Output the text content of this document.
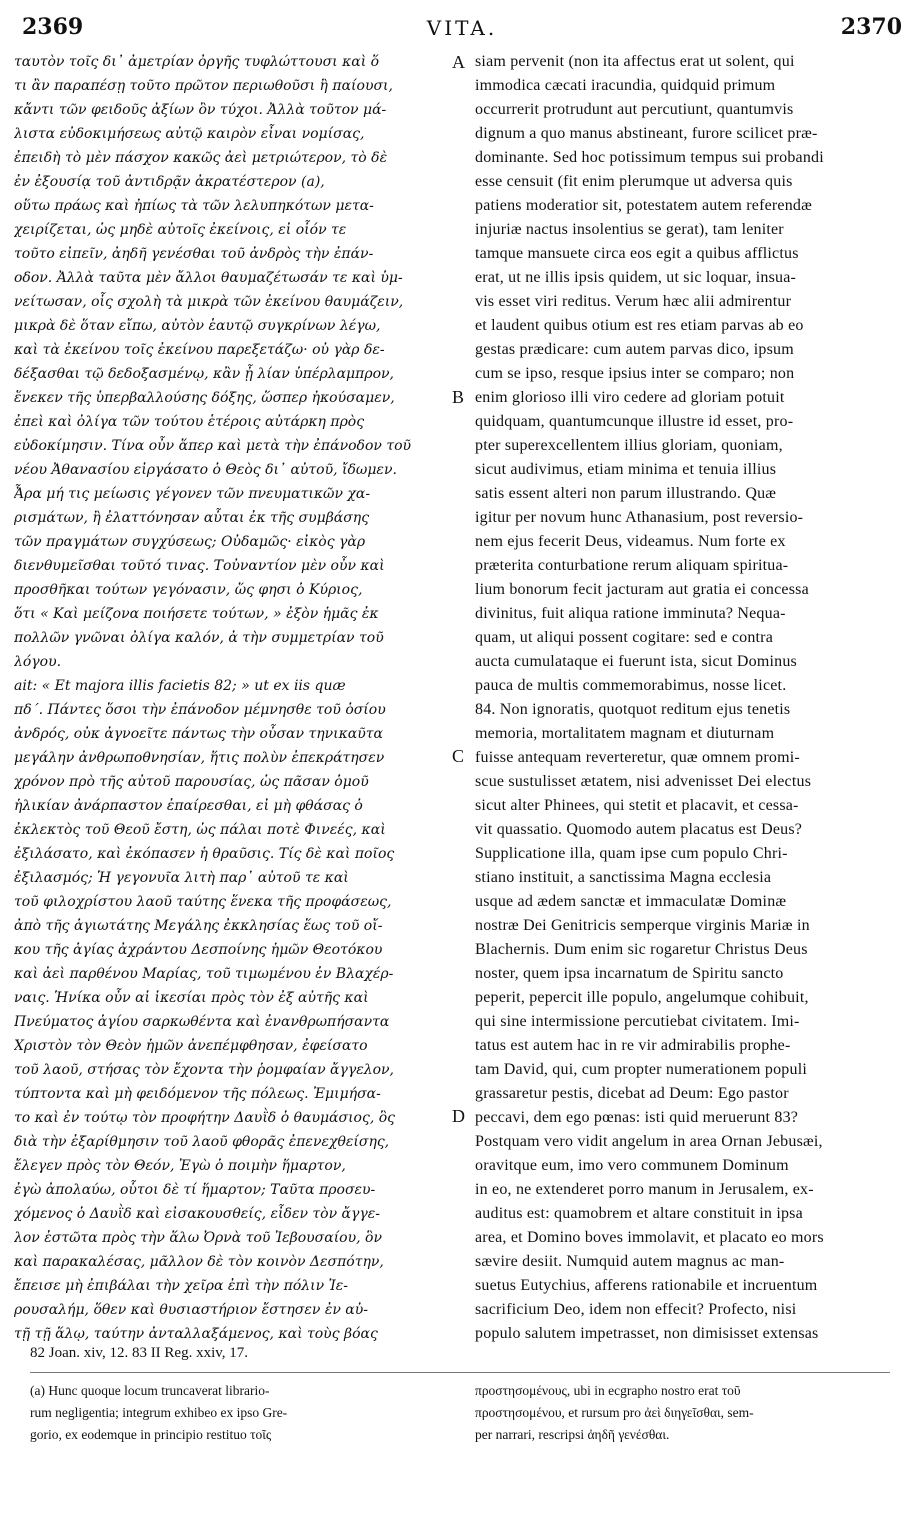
2369	VITA.	2370
ταυτὸν τοῖς δι᾽ ἀμετρίαν ὀργῆς τυφλώττουσι καὶ ὅ
τι ἂν παραπέσῃ τοῦτο πρῶτον περιωθοῦσι ἢ παίουσι,
κἄντι τῶν φειδοῦς ἀξίων ὂν τύχοι. Ἀλλὰ τοῦτον μά-
λιστα εὐδοκιμήσεως αὐτῷ καιρὸν εἶναι νομίσας,
ἐπειδὴ τὸ μὲν πάσχον κακῶς ἀεὶ μετριώτερον, τὸ δὲ
ἐν ἐξουσίᾳ τοῦ ἀντιδρᾷν ἀκρατέστερον (a),
οὕτω πράως καὶ ἠπίως τὰ τῶν λελυπηκότων μετα-
χειρίζεται, ὡς μηδὲ αὐτοῖς ἐκείνοις, εἰ οἷόν τε
τοῦτο εἰπεῖν, ἀηδῆ γενέσθαι τοῦ ἀνδρὸς τὴν ἐπάν-
οδον. Ἀλλὰ ταῦτα μὲν ἄλλοι θαυμαζέτωσάν τε καὶ ὑμ-
νείτωσαν, οἷς σχολὴ τὰ μικρὰ τῶν ἐκείνου θαυμάζειν,
μικρὰ δὲ ὅταν εἴπω, αὐτὸν ἑαυτῷ συγκρίνων λέγω,
καὶ τὰ ἐκείνου τοῖς ἐκείνου παρεξετάζω· οὐ γὰρ δε-
δέξασθαι τῷ δεδοξασμένῳ, κἂν ᾖ λίαν ὑπέρλαμπρον,
ἕνεκεν τῆς ὑπερβαλλούσης δόξης, ὥσπερ ἠκούσαμεν,
ἐπεὶ καὶ ὀλίγα τῶν τούτου ἑτέροις αὐτάρκη πρὸς
εὐδοκίμησιν. Τίνα οὖν ἅπερ καὶ μετὰ τὴν ἐπάνοδον τοῦ
νέου Ἀθανασίου εἰργάσατο ὁ Θεὸς δι᾽ αὐτοῦ, ἴδωμεν.
Ἆρα μή τις μείωσις γέγονεν τῶν πνευματικῶν χα-
ρισμάτων, ἢ ἐλαττόνησαν αὗται ἐκ τῆς συμβάσης
τῶν πραγμάτων συγχύσεως; Οὐδαμῶς· εἰκὸς γὰρ
διενθυμεῖσθαι τοῦτό τινας. Τοὐναντίον μὲν οὖν καὶ
προσθῆκαι τούτων γεγόνασιν, ὥς φησι ὁ Κύριος,
ὅτι « Καὶ μείζονα ποιήσετε τούτων, » ἐξὸν ἡμᾶς ἐκ
πολλῶν γνῶναι ὀλίγα καλόν, ἀ τὴν συμμετρίαν τοῦ
λόγου.
ait: « Et majora illis facietis 82; » ut ex iis quæ
πδ´. Πάντες ὅσοι τὴν ἐπάνοδον μέμνησθε τοῦ ὁσίου
ἀνδρός, οὐκ ἀγνοεῖτε πάντως τὴν οὖσαν τηνικαῦτα
μεγάλην ἀνθρωποθνησίαν, ἥτις πολὺν ἐπεκράτησεν
χρόνον πρὸ τῆς αὐτοῦ παρουσίας, ὡς πᾶσαν ὁμοῦ
ἡλικίαν ἀνάρπαστον ἐπαίρεσθαι, εἰ μὴ φθάσας ὁ
ἐκλεκτὸς τοῦ Θεοῦ ἔστη, ὡς πάλαι ποτὲ Φινεές, καὶ
ἐξιλάσατο, καὶ ἐκόπασεν ἡ θραῦσις. Τίς δὲ καὶ ποῖος
ἐξιλασμός; Ἡ γεγονυῖα λιτὴ παρ᾽ αὐτοῦ τε καὶ
τοῦ φιλοχρίστου λαοῦ ταύτης ἕνεκα τῆς προφάσεως,
ἀπὸ τῆς ἁγιωτάτης Μεγάλης ἐκκλησίας ἕως τοῦ οἴ-
κου τῆς ἁγίας ἀχράντου Δεσποίνης ἡμῶν Θεοτόκου
καὶ ἀεὶ παρθένου Μαρίας, τοῦ τιμωμένου ἐν Βλαχέρ-
ναις. Ἡνίκα οὖν αἱ ἱκεσίαι πρὸς τὸν ἐξ αὐτῆς καὶ
Πνεύματος ἁγίου σαρκωθέντα καὶ ἐνανθρωπήσαντα
Χριστὸν τὸν Θεὸν ἡμῶν ἀνεπέμφθησαν, ἐφείσατο
τοῦ λαοῦ, στήσας τὸν ἔχοντα τὴν ῥομφαίαν ἄγγελον,
τύπτοντα καὶ μὴ φειδόμενον τῆς πόλεως. Ἐμιμήσα-
το καὶ ἐν τούτῳ τὸν προφήτην Δαυῒδ ὁ θαυμάσιος, ὃς
διὰ τὴν ἐξαρίθμησιν τοῦ λαοῦ φθορᾶς ἐπενεχθείσης,
ἔλεγεν πρὸς τὸν Θεόν, Ἐγὼ ὁ ποιμὴν ἥμαρτον,
ἐγὼ ἀπολαύω, οὗτοι δὲ τί ἥμαρτον; Ταῦτα προσευ-
χόμενος ὁ Δαυῒδ καὶ εἰσακουσθείς, εἶδεν τὸν ἄγγε-
λον ἑστῶτα πρὸς τὴν ἅλω Ὀρνὰ τοῦ Ἰεβουσαίου, ὃν
καὶ παρακαλέσας, μᾶλλον δὲ τὸν κοινὸν Δεσπότην,
ἔπεισε μὴ ἐπιβάλαι τὴν χεῖρα ἐπὶ τὴν πόλιν Ἱε-
ρουσαλήμ, ὅθεν καὶ θυσιαστήριον ἔστησεν ἐν αὐ-
τῇ τῇ ἅλῳ, ταύτην ἀνταλλαξάμενος, καὶ τοὺς βόας
siam pervenit (non ita affectus erat ut solent, qui
immodica cæcati iracundia, quidquid primum
occurrerit protrudunt aut percutiunt, quantumvis
dignum a quo manus abstineant, furore scilicet præ-
dominante. Sed hoc potissimum tempus sui probandi
esse censuit (fit enim plerumque ut adversa quis
patiens moderatior sit, potestatem autem referendæ
injuriæ nactus insolentius se gerat), tam leniter
tamque mansuete circa eos egit a quibus afflictus
erat, ut ne illis ipsis quidem, ut sic loquar, insua-
vis esset viri reditus. Verum hæc alii admirentur
et laudent quibus otium est res etiam parvas ab eo
gestas prædicare: cum autem parvas dico, ipsum
cum se ipso, resque ipsius inter se comparo; non
enim glorioso illi viro cedere ad gloriam potuit
quidquam, quantumcunque illustre id esset, pro-
pter superexcellentem illius gloriam, quoniam,
sicut audivimus, etiam minima et tenuia illius
satis essent alteri non parum illustrando. Quæ
igitur per novum hunc Athanasium, post reversio-
nem ejus fecerit Deus, videamus. Num forte ex
præterita conturbatione rerum aliquam spiritua-
lium bonorum fecit jacturam aut gratia ei concessa
divinitus, fuit aliqua ratione imminuta? Nequa-
quam, ut aliqui possent cogitare: sed e contra
aucta cumulataque ei fuerunt ista, sicut Dominus
pauca de multis commemorabimus, nosse licet.
84. Non ignoratis, quotquot reditum ejus tenetis
memoria, mortalitatem magnam et diuturnam
fuisse antequam reverteretur, quæ omnem promi-
scue sustulisset ætatem, nisi advenisset Dei electus
sicut alter Phinees, qui stetit et placavit, et cessa-
vit quassatio. Quomodo autem placatus est Deus?
Supplicatione illa, quam ipse cum populo Chri-
stiano instituit, a sanctissima Magna ecclesia
usque ad ædem sanctæ et immaculatæ Dominæ
nostræ Dei Genitricis semperque virginis Mariæ in
Blachernis. Dum enim sic rogaretur Christus Deus
noster, quem ipsa incarnatum de Spiritu sancto
peperit, pepercit ille populo, angelumque cohibuit,
qui sine intermissione percutiebat civitatem. Imi-
tatus est autem hac in re vir admirabilis prophe-
tam David, qui, cum propter numerationem populi
grassaretur pestis, dicebat ad Deum: Ego pastor
peccavi, dem ego pœnas: isti quid meruerunt 83?
Postquam vero vidit angelum in area Ornan Jebusæi,
oravitque eum, imo vero communem Dominum
in eo, ne extenderet porro manum in Jerusalem, ex-
auditus est: quamobrem et altare constituit in ipsa
area, et Domino boves immolavit, et placato eo mors
sævire desiit. Numquid autem magnus ac man-
suetus Eutychius, afferens rationabile et incruentum
sacrificium Deo, idem non effecit? Profecto, nisi
populo salutem impetrasset, non dimisisset extensas
A
B
C
D
82 Joan. xiv, 12. 83 II Reg. xxiv, 17.
(a) Hunc quoque locum truncaverat librario-
rum negligentia; integrum exhibeo ex ipso Gre-
gorio, ex eodemque in principio restituo τοῖς
προστησομένους, ubi in ecgrapho nostro erat τοῦ
προστησομένου, et rursum pro ἀεὶ διηγεῖσθαι, sem-
per narrari, rescripsi ἀηδῆ γενέσθαι.
